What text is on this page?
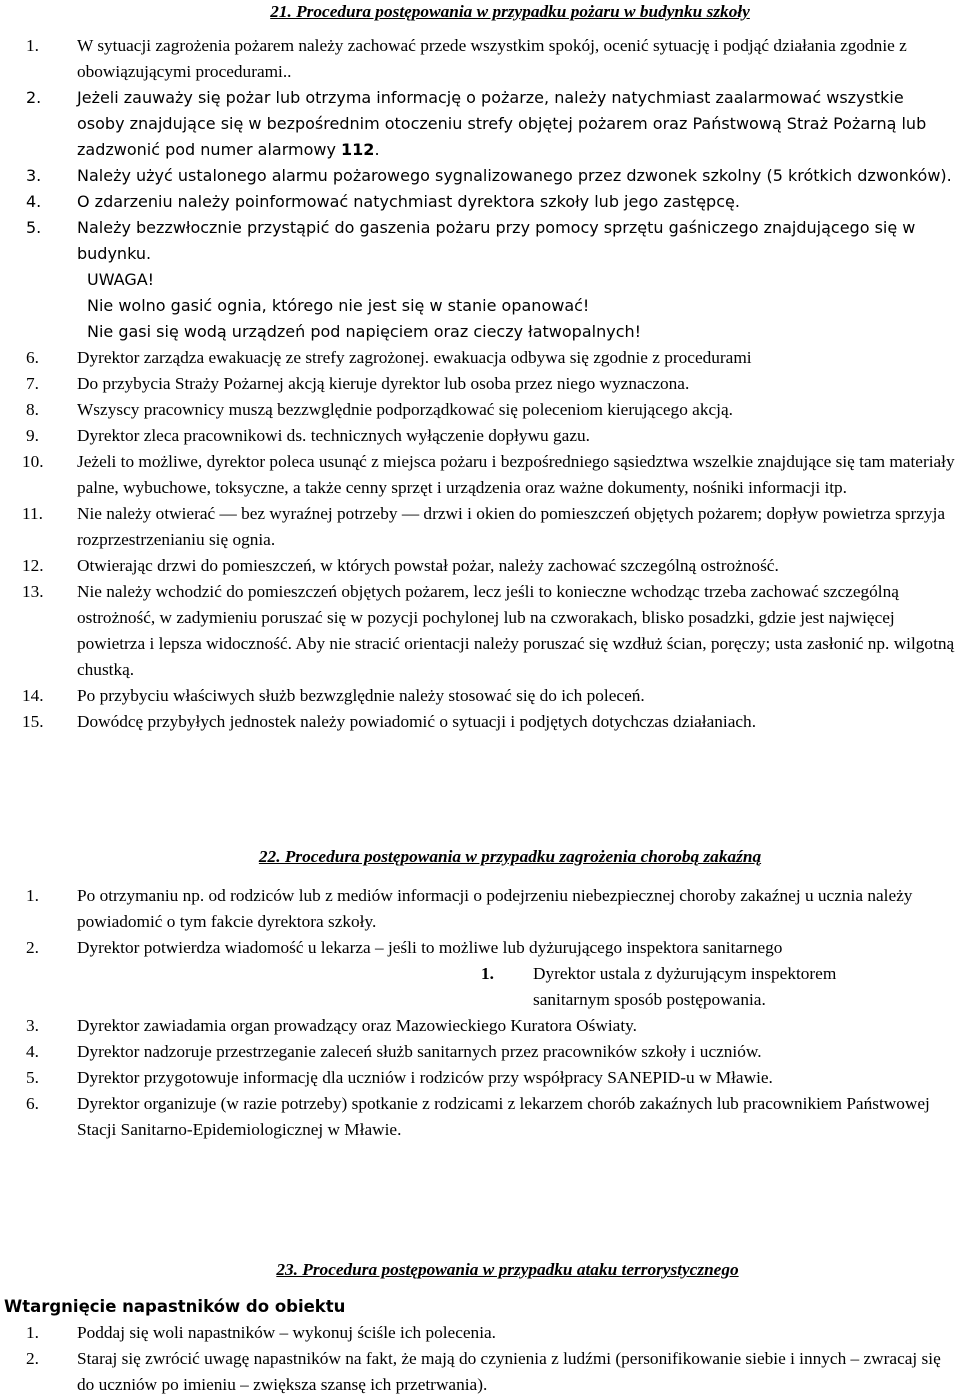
21. Procedura postępowania w przypadku pożaru w budynku szkoły
1. W sytuacji zagrożenia pożarem należy zachować przede wszystkim spokój, ocenić sytuację i podjąć działania zgodnie z obowiązującymi procedurami..
2. Jeżeli zauważy się pożar lub otrzyma informację o pożarze, należy natychmiast zaalarmować wszystkie osoby znajdujące się w bezpośrednim otoczeniu strefy objętej pożarem oraz Państwową Straż Pożarną lub zadzwonić pod numer alarmowy 112.
3. Należy użyć ustalonego alarmu pożarowego sygnalizowanego przez dzwonek szkolny (5 krótkich dzwonków).
4. O zdarzeniu należy poinformować natychmiast dyrektora szkoły lub jego zastępcę.
5. Należy bezzwłocznie przystąpić do gaszenia pożaru przy pomocy sprzętu gaśniczego znajdującego się w budynku.
UWAGA!
Nie wolno gasić ognia, którego nie jest się w stanie opanować!
Nie gasi się wodą urządzeń pod napięciem oraz cieczy łatwopalnych!
6. Dyrektor zarządza ewakuację ze strefy zagrożonej. ewakuacja odbywa się zgodnie z procedurami
7. Do przybycia Straży Pożarnej akcją kieruje dyrektor lub osoba przez niego wyznaczona.
8. Wszyscy pracownicy muszą bezzwględnie podporządkować się poleceniom kierującego akcją.
9. Dyrektor zleca pracownikowi ds. technicznych wyłączenie dopływu gazu.
10. Jeżeli to możliwe, dyrektor poleca usunąć z miejsca pożaru i bezpośredniego sąsiedztwa wszelkie znajdujące się tam materiały palne, wybuchowe, toksyczne, a także cenny sprzęt i urządzenia oraz ważne dokumenty, nośniki informacji itp.
11. Nie należy otwierać — bez wyraźnej potrzeby — drzwi i okien do pomieszczeń objętych pożarem; dopływ powietrza sprzyja rozprzestrzenianiu się ognia.
12. Otwierając drzwi do pomieszczeń, w których powstał pożar, należy zachować szczególną ostrożność.
13. Nie należy wchodzić do pomieszczeń objętych pożarem, lecz jeśli to konieczne wchodząc trzeba zachować szczególną ostrożność, w zadymieniu poruszać się w pozycji pochylonej lub na czworakach, blisko posadzki, gdzie jest najwięcej powietrza i lepsza widoczność. Aby nie stracić orientacji należy poruszać się wzdłuż ścian, poręczy; usta zasłonić np. wilgotną chustką.
14. Po przybyciu właściwych służb bezwzględnie należy stosować się do ich poleceń.
15. Dowódcę przybyłych jednostek należy powiadomić o sytuacji i podjętych dotychczas działaniach.
22. Procedura postępowania w przypadku zagrożenia chorobą zakaźną
1. Po otrzymaniu np. od rodziców lub z mediów informacji o podejrzeniu niebezpiecznej choroby zakaźnej u ucznia należy powiadomić o tym fakcie dyrektora szkoły.
2. Dyrektor potwierdza wiadomość u lekarza – jeśli to możliwe lub dyżurującego inspektora sanitarnego
1. Dyrektor ustala z dyżurującym inspektorem sanitarnym sposób postępowania.
3. Dyrektor zawiadamia organ prowadzący oraz Mazowieckiego Kuratora Oświaty.
4. Dyrektor nadzoruje przestrzeganie zaleceń służb sanitarnych przez pracowników szkoły i uczniów.
5. Dyrektor przygotowuje informację dla uczniów i rodziców przy współpracy SANEPID-u w Mławie.
6. Dyrektor organizuje (w razie potrzeby) spotkanie z rodzicami z lekarzem chorób zakaźnych lub pracownikiem Państwowej Stacji Sanitarno-Epidemiologicznej w Mławie.
23. Procedura postępowania w przypadku ataku terrorystycznego
Wtargnięcie napastników do obiektu
1. Poddaj się woli napastników – wykonuj ściśle ich polecenia.
2. Staraj się zwrócić uwagę napastników na fakt, że mają do czynienia z ludźmi (personifikowanie siebie i innych – zwracaj się do uczniów po imieniu – zwiększa szansę ich przetrwania).
